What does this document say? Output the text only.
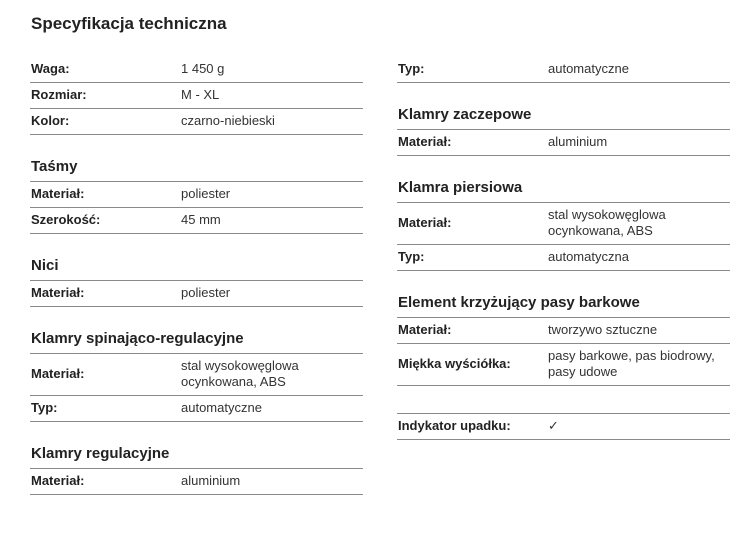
Specyfikacja techniczna
Waga:	1 450 g
Rozmiar:	M - XL
Kolor:	czarno-niebieski
Taśmy
Materiał:	poliester
Szerokość:	45 mm
Nici
Materiał:	poliester
Klamry spinająco-regulacyjne
Materiał:
stal wysokowęglowa ocynkowana, ABS
Typ:	automatyczne
Klamry regulacyjne
Materiał:	aluminium
Typ:	automatyczne
Klamry zaczepowe
Materiał:	aluminium
Klamra piersiowa
Materiał:
stal wysokowęglowa ocynkowana, ABS
Typ:	automatyczna
Element krzyżujący pasy barkowe
Materiał:	tworzywo sztuczne
Miękka wyściółka:
pasy barkowe, pas biodrowy, pasy udowe
Indykator upadku:	✓
